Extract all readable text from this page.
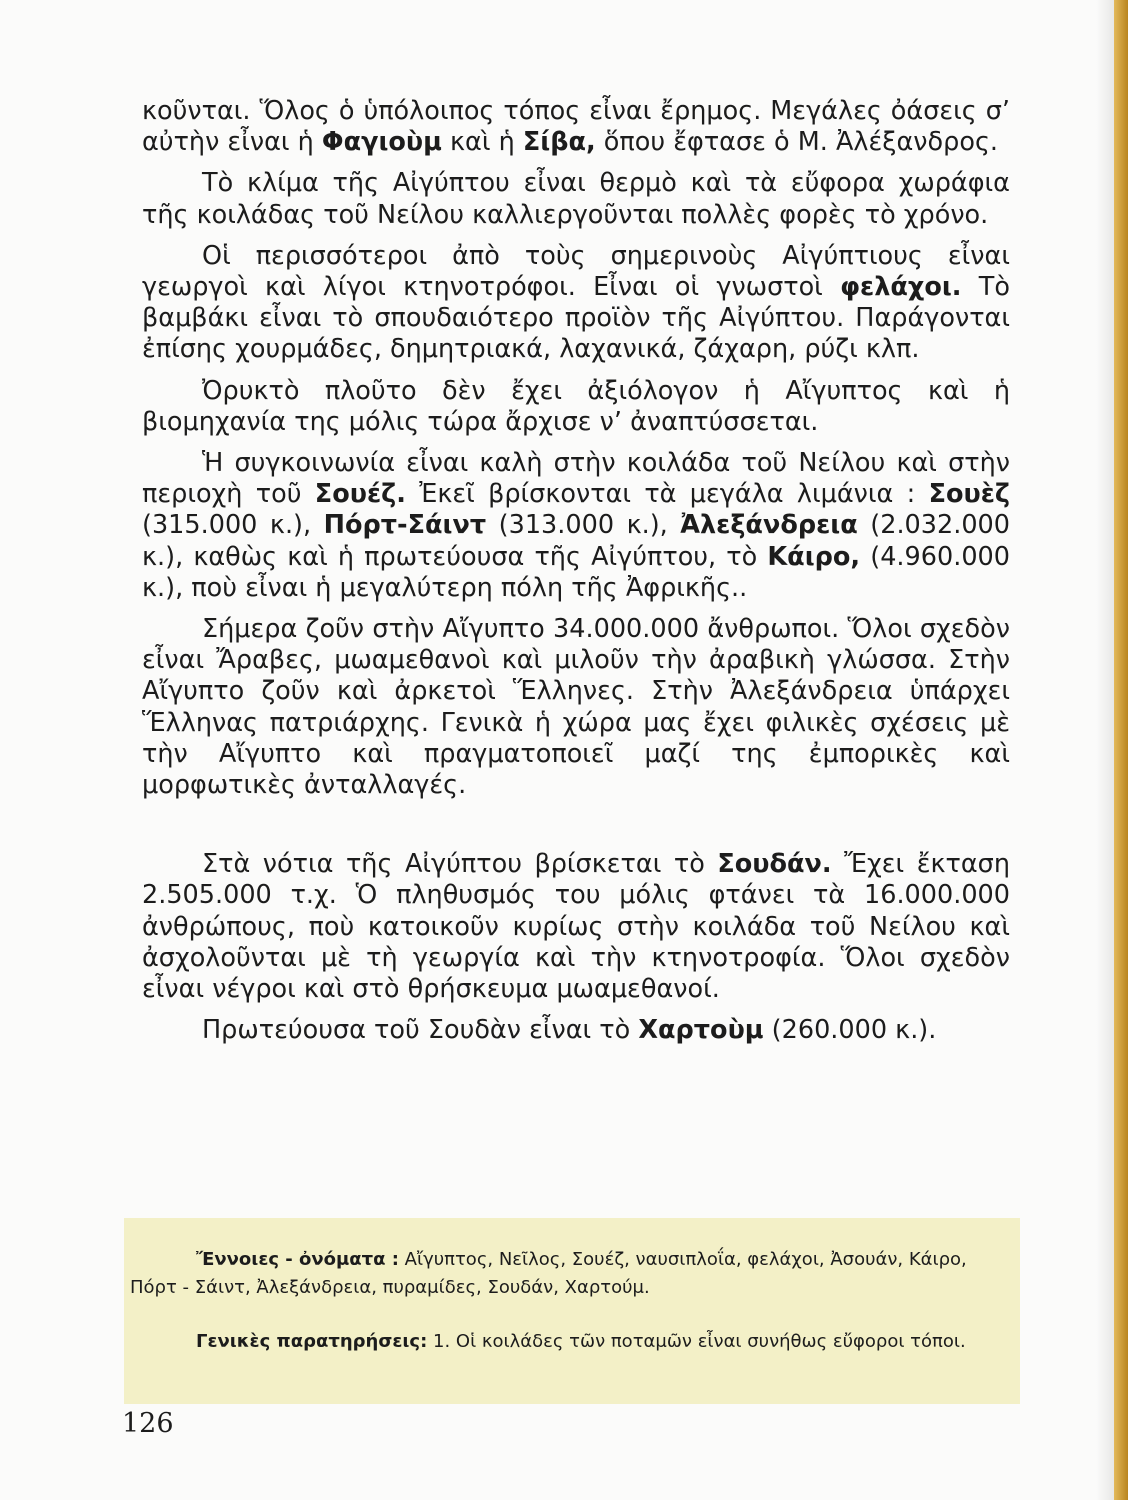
κοῦνται. Ὅλος ὁ ὑπόλοιπος τόπος εἶναι ἔρημος. Μεγάλες ὀάσεις σ’ αὐτὴν εἶναι ἡ Φαγιοὺμ καὶ ἡ Σίβα, ὅπου ἔφτασε ὁ Μ. Ἀλέξανδρος.

Τὸ κλίμα τῆς Αἰγύπτου εἶναι θερμὸ καὶ τὰ εὔφορα χωράφια τῆς κοιλάδας τοῦ Νείλου καλλιεργοῦνται πολλὲς φορὲς τὸ χρόνο.

Οἱ περισσότεροι ἀπὸ τοὺς σημερινοὺς Αἰγύπτιους εἶναι γεωργοὶ καὶ λίγοι κτηνοτρόφοι. Εἶναι οἱ γνωστοὶ φελάχοι. Τὸ βαμβάκι εἶναι τὸ σπουδαιότερο προϊὸν τῆς Αἰγύπτου. Παράγονται ἐπίσης χουρμάδες, δημητριακά, λαχανικά, ζάχαρη, ρύζι κλπ.

Ὀρυκτὸ πλοῦτο δὲν ἔχει ἀξιόλογον ἡ Αἴγυπτος καὶ ἡ βιομηχανία της μόλις τώρα ἄρχισε ν’ ἀναπτύσσεται.

Ἡ συγκοινωνία εἶναι καλὴ στὴν κοιλάδα τοῦ Νείλου καὶ στὴν περιοχὴ τοῦ Σουέζ. Ἐκεῖ βρίσκονται τὰ μεγάλα λιμάνια : Σουὲζ (315.000 κ.), Πόρτ-Σάιντ (313.000 κ.), Ἀλεξάνδρεια (2.032.000 κ.), καθὼς καὶ ἡ πρωτεύουσα τῆς Αἰγύπτου, τὸ Κάιρο, (4.960.000 κ.), ποὺ εἶναι ἡ μεγαλύτερη πόλη τῆς Ἀφρικῆς..

Σήμερα ζοῦν στὴν Αἴγυπτο 34.000.000 ἄνθρωποι. Ὅλοι σχεδὸν εἶναι Ἄραβες, μωαμεθανοὶ καὶ μιλοῦν τὴν ἀραβικὴ γλώσσα. Στὴν Αἴγυπτο ζοῦν καὶ ἀρκετοὶ Ἕλληνες. Στὴν Ἀλεξάνδρεια ὑπάρχει Ἕλληνας πατριάρχης. Γενικὰ ἡ χώρα μας ἔχει φιλικὲς σχέσεις μὲ τὴν Αἴγυπτο καὶ πραγματοποιεῖ μαζί της ἐμπορικὲς καὶ μορφωτικὲς ἀνταλλαγές.

Στὰ νότια τῆς Αἰγύπτου βρίσκεται τὸ Σουδάν. Ἔχει ἔκταση 2.505.000 τ.χ. Ὁ πληθυσμός του μόλις φτάνει τὰ 16.000.000 ἀνθρώπους, ποὺ κατοικοῦν κυρίως στὴν κοιλάδα τοῦ Νείλου καὶ ἀσχολοῦνται μὲ τὴ γεωργία καὶ τὴν κτηνοτροφία. Ὅλοι σχεδὸν εἶναι νέγροι καὶ στὸ θρήσκευμα μωαμεθανοί.

Πρωτεύουσα τοῦ Σουδὰν εἶναι τὸ Χαρτοὺμ (260.000 κ.).

Ἔννοιες - ὀνόματα : Αἴγυπτος, Νεῖλος, Σουέζ, ναυσιπλοΐα, φελάχοι, Ἀσουάν, Κάιρο, Πόρτ - Σάιντ, Ἀλεξάνδρεια, πυραμίδες, Σουδάν, Χαρτούμ.

Γενικὲς παρατηρήσεις: 1. Οἱ κοιλάδες τῶν ποταμῶν εἶναι συνήθως εὔφοροι τόποι.

126
